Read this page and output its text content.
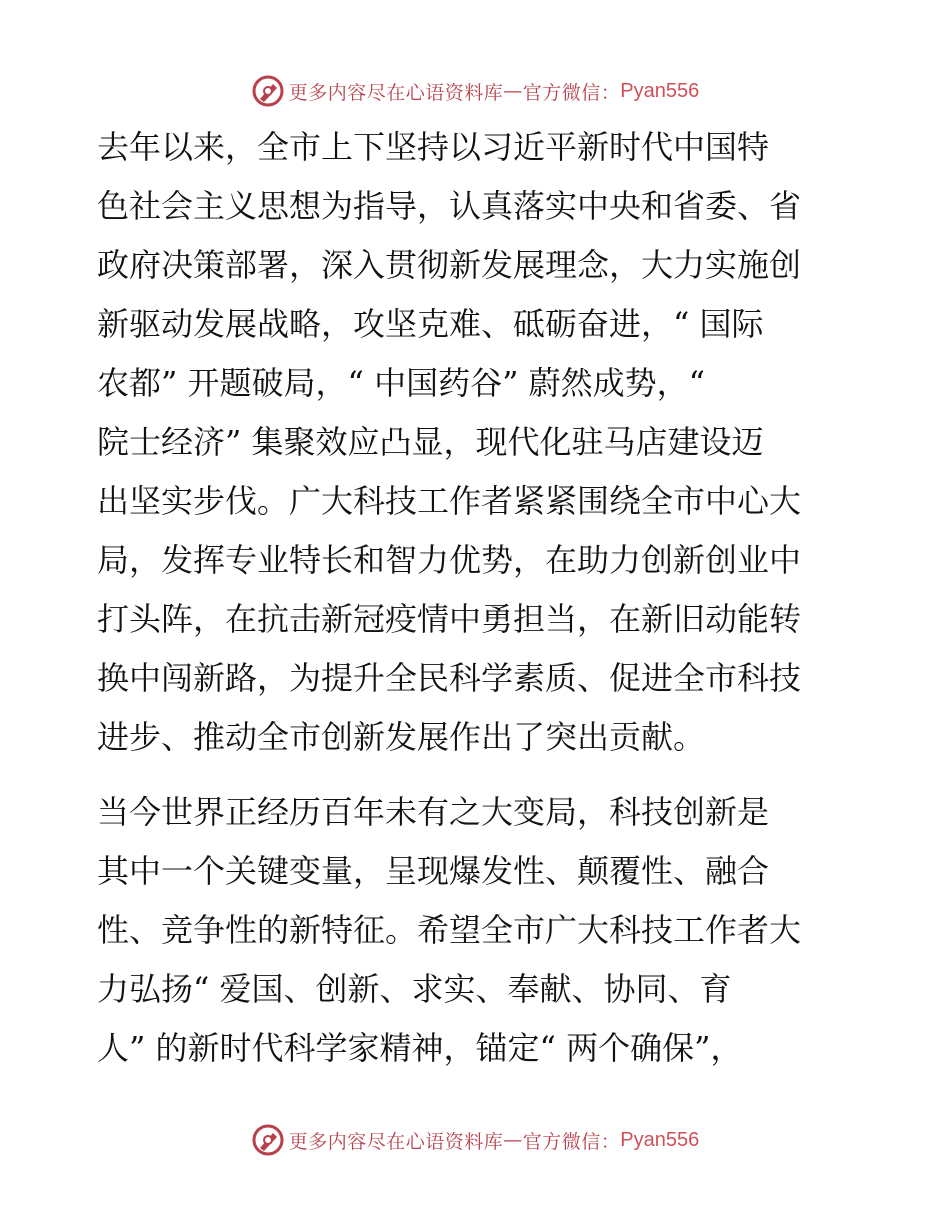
更多内容尽在心语资料库 — 官方微信： Pyan556
去年以来，全市上下坚持以习近平新时代中国特
色社会主义思想为指导，认真落实中央和省委、省
政府决策部署，深入贯彻新发展理念，大力实施创
新驱动发展战略，攻坚克难、砥砺奋进，“ 国际
农都” 开题破局，“ 中国药谷” 蔚然成势，“
院士经济” 集聚效应凸显，现代化驻马店建设迈
出坚实步伐。广大科技工作者紧紧围绕全市中心大
局，发挥专业特长和智力优势，在助力创新创业中
打头阵，在抗击新冠疫情中勇担当，在新旧动能转
换中闯新路，为提升全民科学素质、促进全市科技
进步、推动全市创新发展作出了突出贡献。
当今世界正经历百年未有之大变局，科技创新是
其中一个关键变量，呈现爆发性、颠覆性、融合
性、竞争性的新特征。希望全市广大科技工作者大
力弘扬“ 爱国、创新、求实、奉献、协同、育
人” 的新时代科学家精神，锚定“ 两个确保”，
更多内容尽在心语资料库 — 官方微信： Pyan556
